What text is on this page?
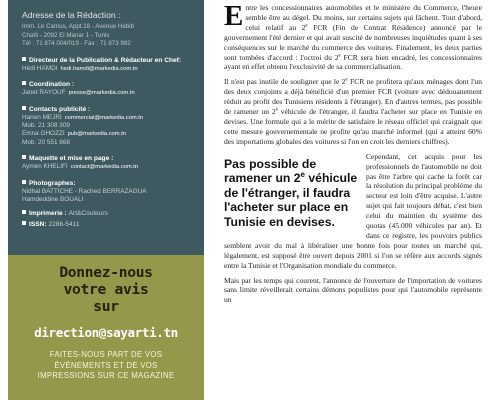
Adresse de la Rédaction :
Imm. Le Camus, Appt.18 - Avenue Habib
Chatti - 2092 El Manar 1 - Tunis
Tél : 71 874 004/019 - Fax : 71 873 982
Directeur de la Publication & Rédacteur en Chef:
Hédi HAMDI hedi.hamdi@markedia.com.tn
Coordination :
Janet RAYOUF presse@markedia.com.tn
Contacts publicité :
Hanen MEJRI commercial@markedia.com.tn
Mob. 21 308 309
Emna GHOZZI pub@markedia.com.tn
Mob. 20 551 868
Maquette et mise en page :
Aymen KHELIFI contact@markedia.com.tn
Photographes:
Nidhal BATTICHE - Rached BERRAZAGUA
Hamdeddine BOUALI
Imprimerie : Art&Couleurs
ISSN: 2286-5411
Donnez-nous
votre avis
sur
direction@sayarti.tn
FAITES-NOUS PART DE VOS
ÉVÉNEMENTS ET DE VOS
IMPRESSIONS SUR CE MAGAZINE

Entre les concessionnaires automobiles et le ministère du Commerce, l'heure semble être au dégel. Du moins, sur certains sujets qui fâchent. Tout d'abord, celui relatif au 2e FCR (Fin de Contrat Résidence) annoncé par le gouvernement l'été dernier et qui avait suscité de nombreuses inquiétudes quant à ses conséquences sur le marché du commerce des voitures. Finalement, les deux parties sont tombées d'accord : l'octroi du 2e FCR sera bien encadré, les concessionnaires ayant en effet obtenu l'exclusivité de sa commercialisation.

Il n'est pas inutile de souligner que le 2e FCR ne profitera qu'aux ménages dont l'un des deux conjoints a déjà bénéficié d'un premier FCR (voiture avec dédouanement réduit au profit des Tunisiens résidents à l'étranger). En d'autres termes, pas possible de ramener un 2e véhicule de l'étranger, il faudra l'acheter sur place en Tunisie en devises. Une formule qui a le mérite de satisfaire le réseau officiel qui craignait que cette mesure gouvernementale ne profite qu'au marché informel (qui a atteint 60% des importations globales des voitures si l'on en croit les derniers chiffres).

Pas possible de ramener un 2e véhicule de l'étranger, il faudra l'acheter sur place en Tunisie en devises.

Cependant, cet acquis pour les professionnels de l'automobile ne doit pas être l'arbre qui cache la forêt car la résolution du principal problème du secteur est loin d'être acquise. L'autre sujet qui fait toujours débat, c'est bien celui du maintien du système des quotas (45.000 véhicules par an). Et dans ce registre, les pouvoirs publics semblent avoir du mal à libéraliser une bonne fois pour toutes un marché qui, légalement, est supposé être ouvert depuis 2001 si l'on se réfère aux accords signés entre la Tunisie et l'Organisation mondiale du commerce.

Mais par les temps qui courent, l'annonce de l'ouverture de l'importation de voitures sans limite réveillerait certains démons populistes pour qui l'automobile représente un
